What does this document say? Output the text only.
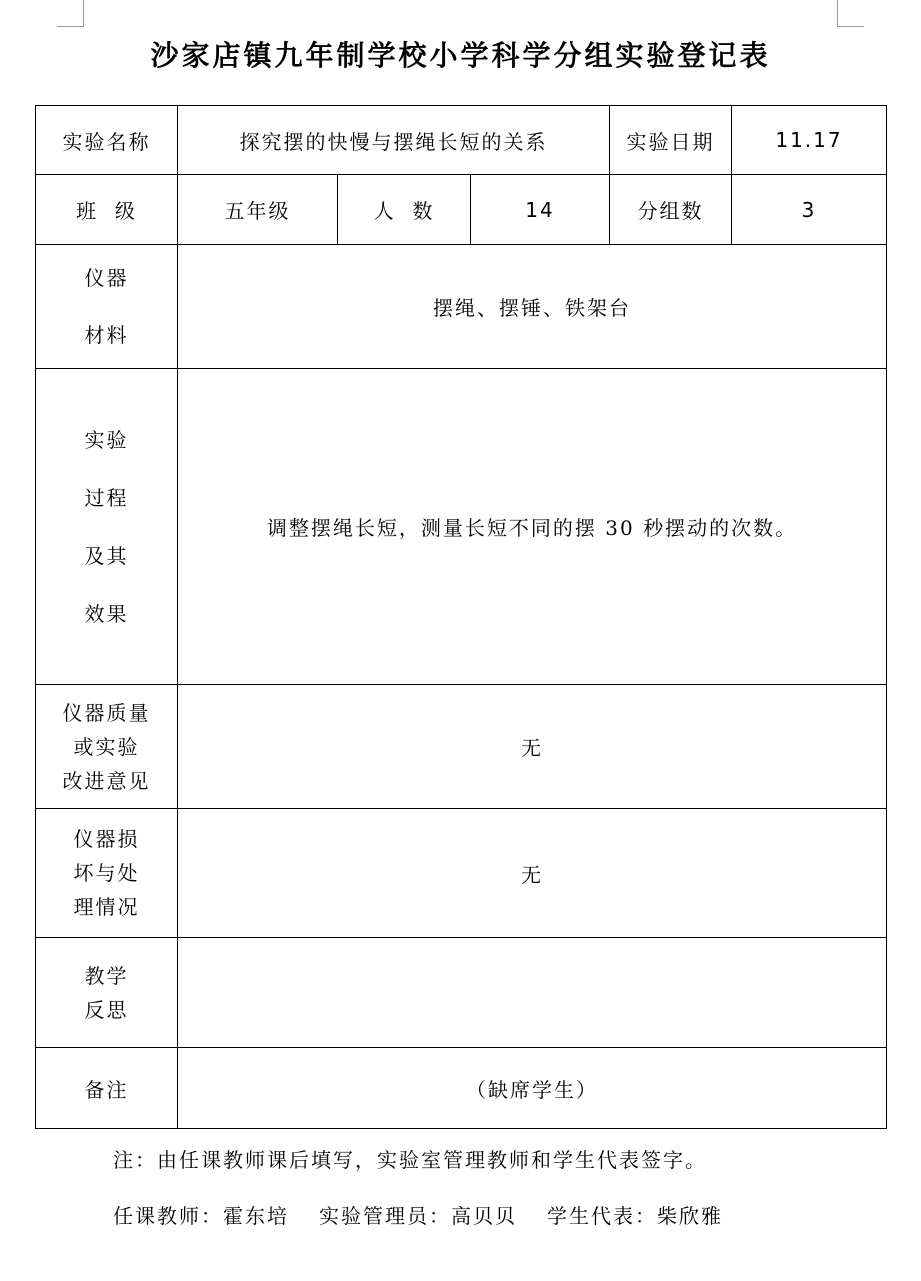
沙家店镇九年制学校小学科学分组实验登记表
实验名称	探究摆的快慢与摆绳长短的关系			实验日期	11.17
班  级	五年级	人  数	14	分组数	3

仪器
材料	摆绳、摆锤、铁架台				

实验
过程
及其
效果	调整摆绳长短，测量长短不同的摆 30 秒摆动的次数。				

仪器质量
或实验
改进意见	无				

仪器损
坏与处
理情况	无				

教学
反思					

备注	（缺席学生）				
注：由任课教师课后填写，实验室管理教师和学生代表签字。
任课教师：霍东培 实验管理员：高贝贝 学生代表：柴欣雅
